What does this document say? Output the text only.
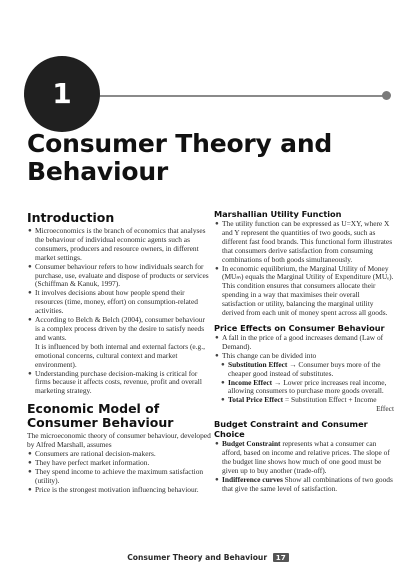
1
Consumer Theory and Behaviour
Introduction
● Microeconomics is the branch of economics that analyses the behaviour of individual economic agents such as consumers, producers and resource owners, in different market settings.
● Consumer behaviour refers to how individuals search for purchase, use, evaluate and dispose of products or services (Schiffman & Kanuk, 1997).
● It involves decisions about how people spend their resources (time, money, effort) on consumption-related activities.
● According to Belch & Belch (2004), consumer behaviour is a complex process driven by the desire to satisfy needs and wants.

It is influenced by both internal and external factors (e.g., emotional concerns, cultural context and market environment).

● Understanding purchase decision-making is critical for firms because it affects costs, revenue, profit and overall marketing strategy.
Economic Model of Consumer Behaviour

The microeconomic theory of consumer behaviour, developed by Alfred Marshall, assumes

● Consumers are rational decision-makers.
● They have perfect market information.
● They spend income to achieve the maximum satisfaction (utility).
● Price is the strongest motivation influencing behaviour.
Marshallian Utility Function
● The utility function can be expressed as U=XY, where X and Y represent the quantities of two goods, such as different fast food brands. This functional form illustrates that consumers derive satisfaction from consuming combinations of both goods simultaneously.
● In economic equilibrium, the Marginal Utility of Money (MUₘ) equals the Marginal Utility of Expenditure (MUₑ).

This condition ensures that consumers allocate their spending in a way that maximises their overall satisfaction or utility, balancing the marginal utility derived from each unit of money spent across all goods.

Price Effects on Consumer Behaviour
● A fall in the price of a good increases demand (Law of Demand).
● This change can be divided into
● Substitution Effect → Consumer buys more of the cheaper good instead of substitutes.
● Income Effect → Lower price increases real income, allowing consumers to purchase more goods overall.
● Total Price Effect = Substitution Effect + Income

Effect

Budget Constraint and Consumer Choice
● Budget Constraint represents what a consumer can afford, based on income and relative prices. The slope of the budget line shows how much of one good must be given up to buy another (trade-off).
● Indifference curves Show all combinations of two goods that give the same level of satisfaction.
Consumer Theory and Behaviour 17
